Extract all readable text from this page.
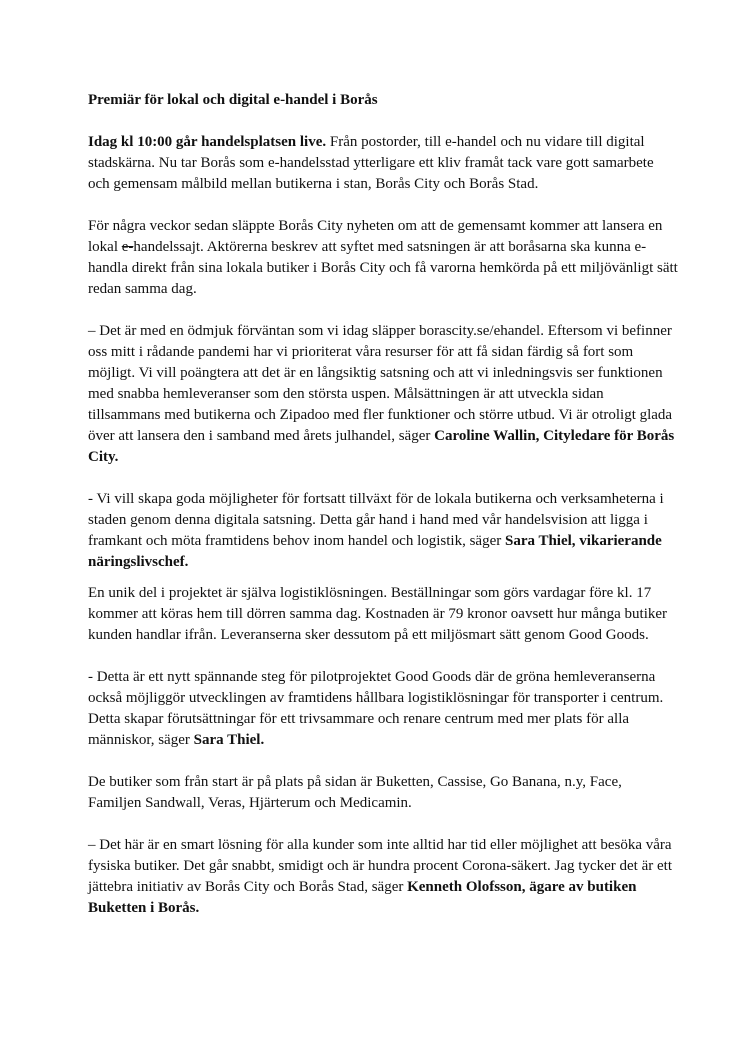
Premiär för lokal och digital e-handel i Borås

Idag kl 10:00 går handelsplatsen live. Från postorder, till e-handel och nu vidare till digital stadskärna. Nu tar Borås som e-handelsstad ytterligare ett kliv framåt tack vare gott samarbete och gemensam målbild mellan butikerna i stan, Borås City och Borås Stad.

För några veckor sedan släppte Borås City nyheten om att de gemensamt kommer att lansera en lokal e-handelssajt. Aktörerna beskrev att syftet med satsningen är att boråsarna ska kunna e-handla direkt från sina lokala butiker i Borås City och få varorna hemkörda på ett miljövänligt sätt redan samma dag.

– Det är med en ödmjuk förväntan som vi idag släpper borascity.se/ehandel. Eftersom vi befinner oss mitt i rådande pandemi har vi prioriterat våra resurser för att få sidan färdig så fort som möjligt. Vi vill poängtera att det är en långsiktig satsning och att vi inledningsvis ser funktionen med snabba hemleveranser som den största uspen. Målsättningen är att utveckla sidan tillsammans med butikerna och Zipadoo med fler funktioner och större utbud. Vi är otroligt glada över att lansera den i samband med årets julhandel, säger Caroline Wallin, Cityledare för Borås City.

- Vi vill skapa goda möjligheter för fortsatt tillväxt för de lokala butikerna och verksamheterna i staden genom denna digitala satsning. Detta går hand i hand med vår handelsvision att ligga i framkant och möta framtidens behov inom handel och logistik, säger Sara Thiel, vikarierande näringslivschef.

En unik del i projektet är själva logistiklösningen. Beställningar som görs vardagar före kl. 17 kommer att köras hem till dörren samma dag. Kostnaden är 79 kronor oavsett hur många butiker kunden handlar ifrån. Leveranserna sker dessutom på ett miljösmart sätt genom Good Goods.

- Detta är ett nytt spännande steg för pilotprojektet Good Goods där de gröna hemleveranserna också möjliggör utvecklingen av framtidens hållbara logistiklösningar för transporter i centrum. Detta skapar förutsättningar för ett trivsammare och renare centrum med mer plats för alla människor, säger Sara Thiel.

De butiker som från start är på plats på sidan är Buketten, Cassise, Go Banana, n.y, Face, Familjen Sandwall, Veras, Hjärterum och Medicamin.

– Det här är en smart lösning för alla kunder som inte alltid har tid eller möjlighet att besöka våra fysiska butiker. Det går snabbt, smidigt och är hundra procent Corona-säkert. Jag tycker det är ett jättebra initiativ av Borås City och Borås Stad, säger Kenneth Olofsson, ägare av butiken Buketten i Borås.
